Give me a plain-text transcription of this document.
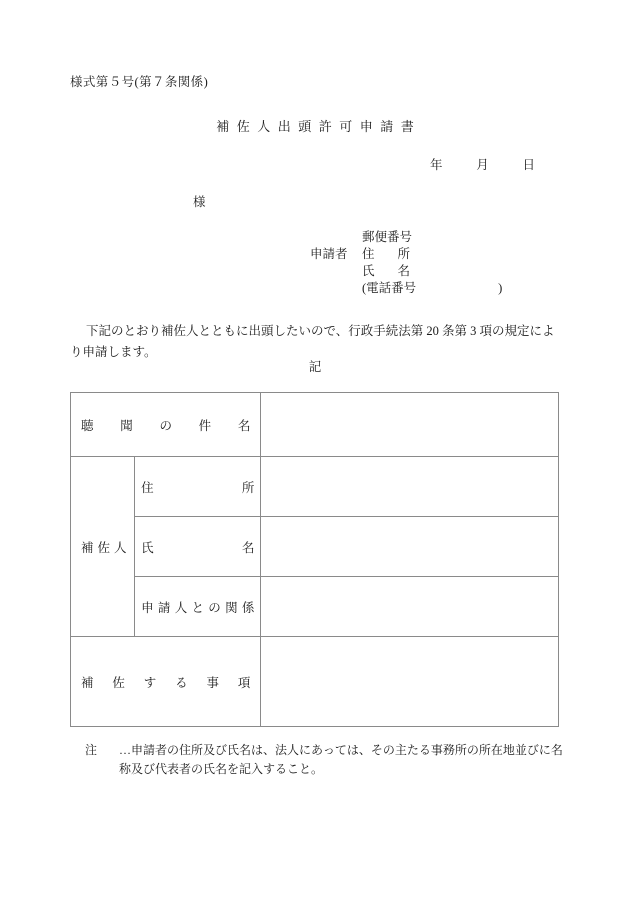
様式第５号(第７条関係)
補佐人出頭許可申請書
年	月	日
様
郵便番号
申請者 住 所
氏 名
(電話番号	)
下記のとおり補佐人とともに出頭したいので、行政手続法第 20 条第 3 項の規定により申請します。
記
聴聞の件名		

補佐人	住所	

	氏名	

	申請人との関係	

補佐する事項		

注 …申請者の住所及び氏名は、法人にあっては、その主たる事務所の所在地並びに名
称及び代表者の氏名を記入すること。
